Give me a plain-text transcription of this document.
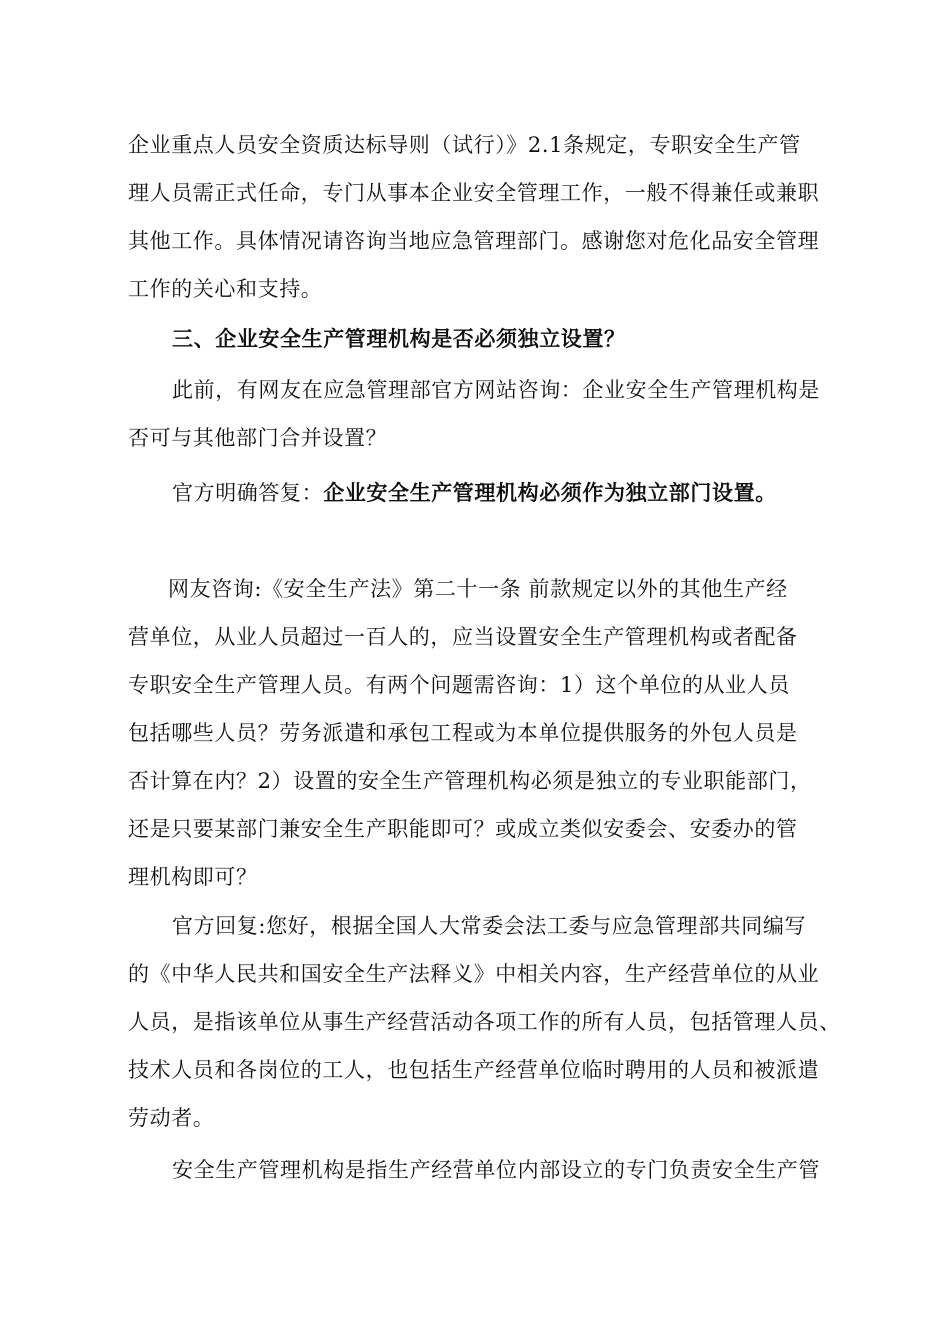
企业重点人员安全资质达标导则（试行）》2.1条规定，专职安全生产管
理人员需正式任命，专门从事本企业安全管理工作，一般不得兼任或兼职
其他工作。具体情况请咨询当地应急管理部门。感谢您对危化品安全管理
工作的关心和支持。
三、企业安全生产管理机构是否必须独立设置？
此前，有网友在应急管理部官方网站咨询：企业安全生产管理机构是
否可与其他部门合并设置？
官方明确答复：企业安全生产管理机构必须作为独立部门设置。
网友咨询:《安全生产法》第二十一条 前款规定以外的其他生产经
营单位，从业人员超过一百人的，应当设置安全生产管理机构或者配备
专职安全生产管理人员。有两个问题需咨询：1）这个单位的从业人员
包括哪些人员？劳务派遣和承包工程或为本单位提供服务的外包人员是
否计算在内？2）设置的安全生产管理机构必须是独立的专业职能部门，
还是只要某部门兼安全生产职能即可？或成立类似安委会、安委办的管
理机构即可？
官方回复:您好，根据全国人大常委会法工委与应急管理部共同编写
的《中华人民共和国安全生产法释义》中相关内容，生产经营单位的从业
人员，是指该单位从事生产经营活动各项工作的所有人员，包括管理人员、
技术人员和各岗位的工人，也包括生产经营单位临时聘用的人员和被派遣
劳动者。
安全生产管理机构是指生产经营单位内部设立的专门负责安全生产管
